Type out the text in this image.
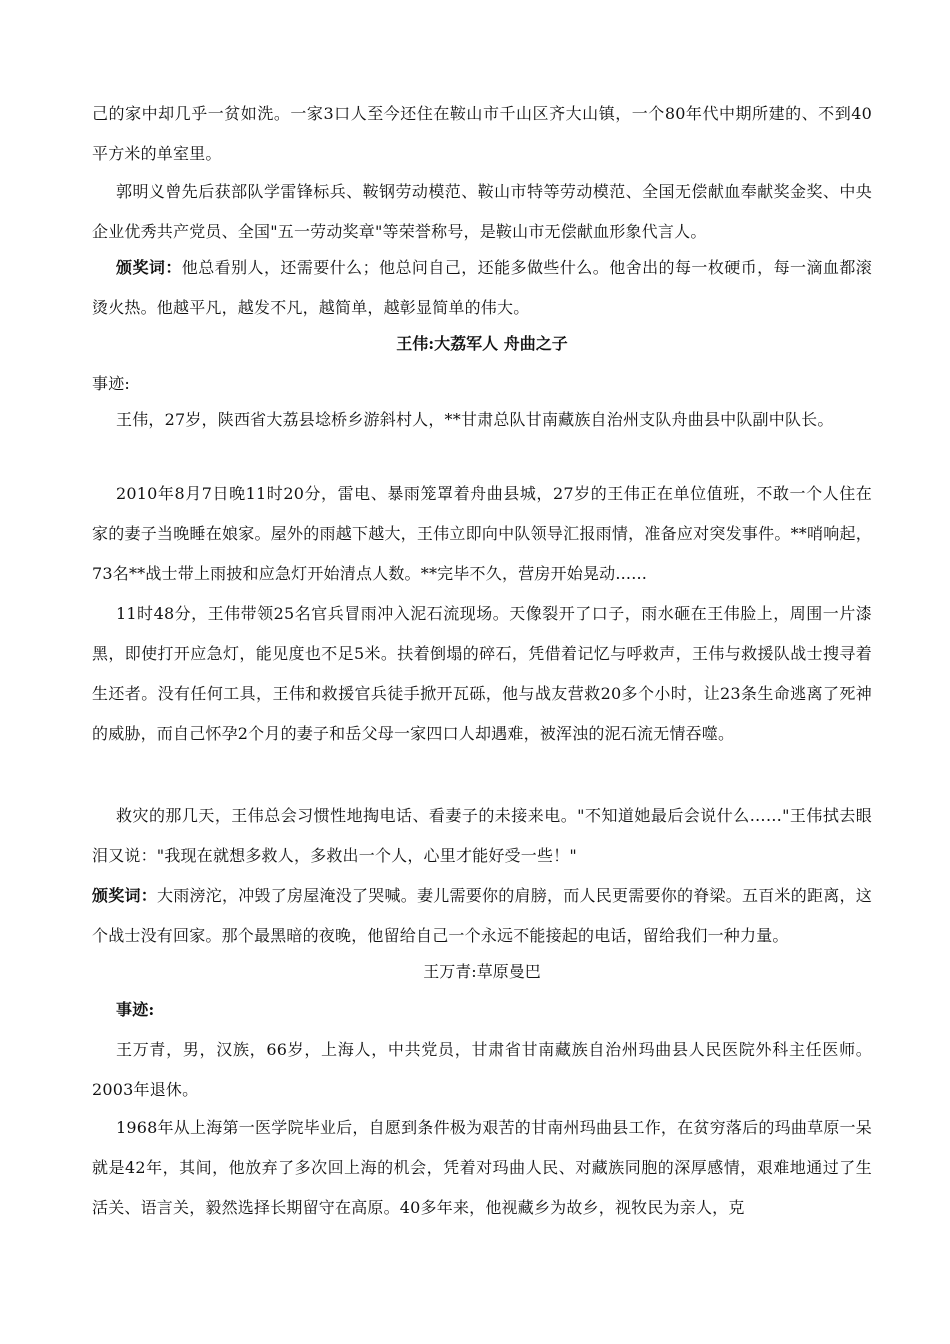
己的家中却几乎一贫如洗。一家3口人至今还住在鞍山市千山区齐大山镇，一个80年代中期所建的、不到40平方米的单室里。

郭明义曾先后获部队学雷锋标兵、鞍钢劳动模范、鞍山市特等劳动模范、全国无偿献血奉献奖金奖、中央企业优秀共产党员、全国"五一劳动奖章"等荣誉称号，是鞍山市无偿献血形象代言人。

颁奖词：他总看别人，还需要什么；他总问自己，还能多做些什么。他舍出的每一枚硬币，每一滴血都滚烫火热。他越平凡，越发不凡，越简单，越彰显简单的伟大。

王伟:大荔军人 舟曲之子

事迹:

王伟，27岁，陕西省大荔县埝桥乡游斜村人，**甘肃总队甘南藏族自治州支队舟曲县中队副中队长。

2010年8月7日晚11时20分，雷电、暴雨笼罩着舟曲县城，27岁的王伟正在单位值班，不敢一个人住在家的妻子当晚睡在娘家。屋外的雨越下越大，王伟立即向中队领导汇报雨情，准备应对突发事件。**哨响起，73名**战士带上雨披和应急灯开始清点人数。**完毕不久，营房开始晃动......

11时48分，王伟带领25名官兵冒雨冲入泥石流现场。天像裂开了口子，雨水砸在王伟脸上，周围一片漆黑，即使打开应急灯，能见度也不足5米。扶着倒塌的碎石，凭借着记忆与呼救声，王伟与救援队战士搜寻着生还者。没有任何工具，王伟和救援官兵徒手掀开瓦砾，他与战友营救20多个小时，让23条生命逃离了死神的威胁，而自己怀孕2个月的妻子和岳父母一家四口人却遇难，被浑浊的泥石流无情吞噬。

救灾的那几天，王伟总会习惯性地掏电话、看妻子的未接来电。"不知道她最后会说什么……"王伟拭去眼泪又说："我现在就想多救人，多救出一个人，心里才能好受一些！"

颁奖词：大雨滂沱，冲毁了房屋淹没了哭喊。妻儿需要你的肩膀，而人民更需要你的脊梁。五百米的距离，这个战士没有回家。那个最黑暗的夜晚，他留给自己一个永远不能接起的电话，留给我们一种力量。

王万青:草原曼巴

事迹:

王万青，男，汉族，66岁，上海人，中共党员，甘肃省甘南藏族自治州玛曲县人民医院外科主任医师。2003年退休。

1968年从上海第一医学院毕业后，自愿到条件极为艰苦的甘南州玛曲县工作，在贫穷落后的玛曲草原一呆就是42年，其间，他放弃了多次回上海的机会，凭着对玛曲人民、对藏族同胞的深厚感情，艰难地通过了生活关、语言关，毅然选择长期留守在高原。40多年来，他视藏乡为故乡，视牧民为亲人，克
